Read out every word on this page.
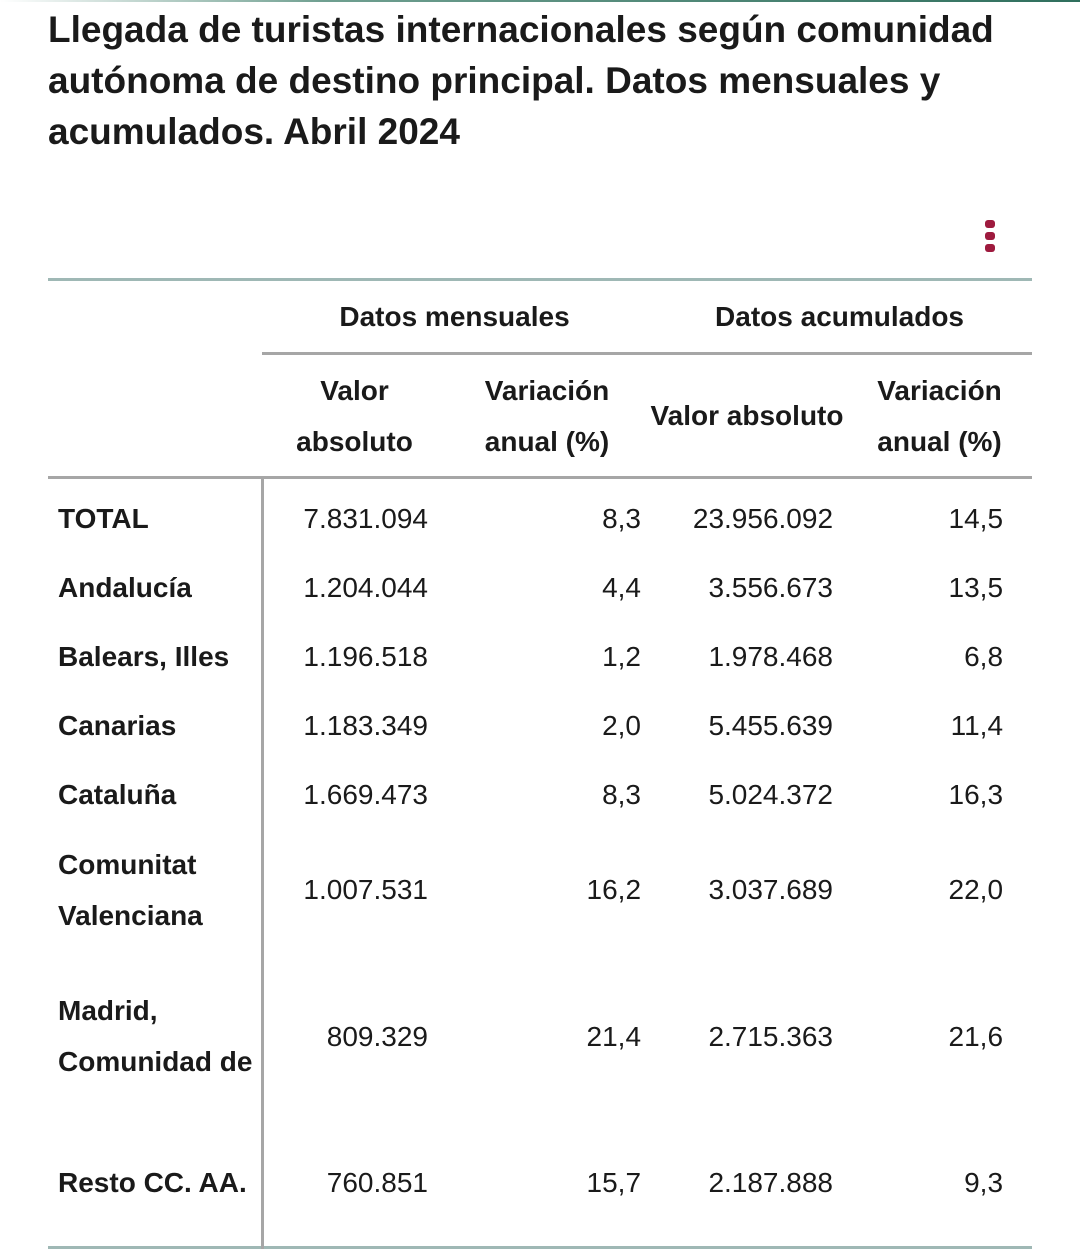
Llegada de turistas internacionales según comunidad autónoma de destino principal. Datos mensuales y acumulados. Abril 2024
	Datos mensuales		Datos acumulados	
	Valor absoluto	Variación anual (%)	Valor absoluto	Variación anual (%)
TOTAL	7.831.094	8,3	23.956.092	14,5
Andalucía	1.204.044	4,4	3.556.673	13,5
Balears, Illes	1.196.518	1,2	1.978.468	6,8
Canarias	1.183.349	2,0	5.455.639	11,4
Cataluña	1.669.473	8,3	5.024.372	16,3
Comunitat Valenciana	1.007.531	16,2	3.037.689	22,0
Madrid, Comunidad de	809.329	21,4	2.715.363	21,6
Resto CC. AA.	760.851	15,7	2.187.888	9,3
